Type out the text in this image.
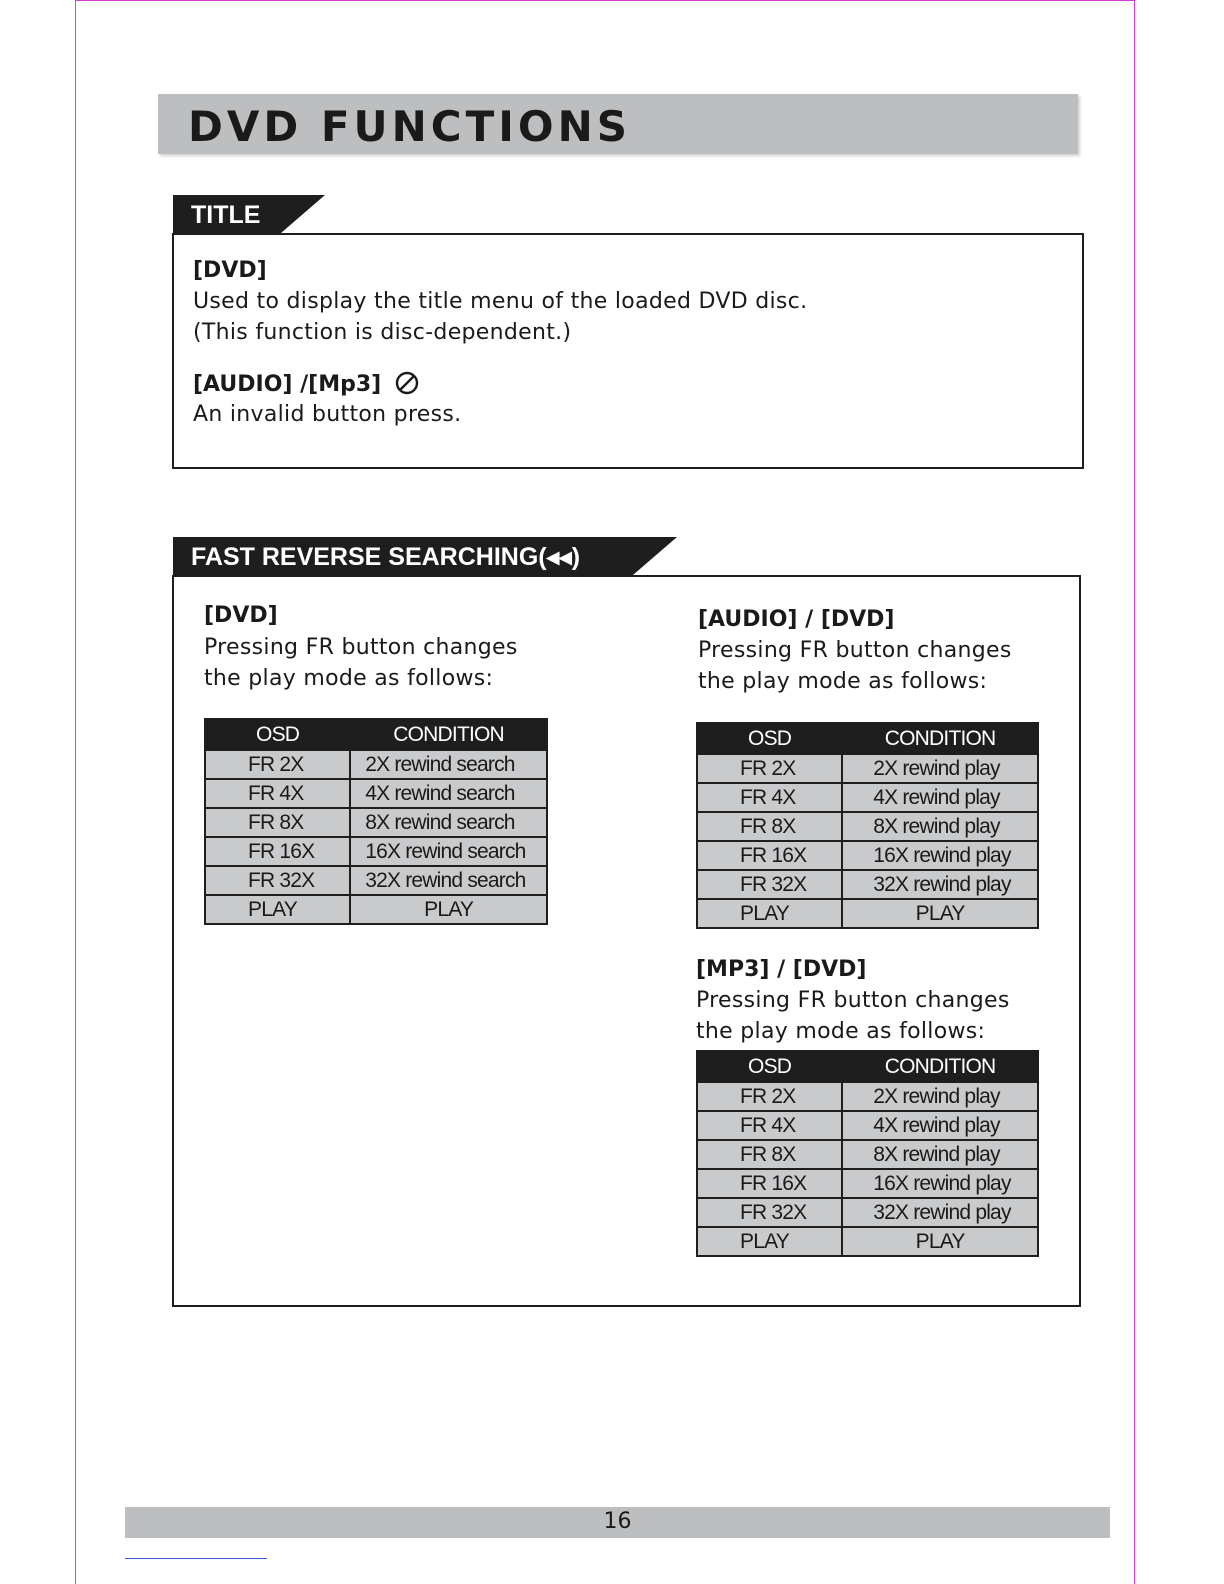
DVD FUNCTIONS
TITLE
[DVD]
Used to display the title menu of the loaded DVD disc.
(This function is disc-dependent.)
[AUDIO] /[Mp3]
An invalid button press.
FAST REVERSE SEARCHING(◂◂)
[DVD]
Pressing FR button changes
the play mode as follows:
OSD	CONDITION
FR 2X	2X rewind search
FR 4X	4X rewind search
FR 8X	8X rewind search
FR 16X	16X rewind search
FR 32X	32X rewind search
PLAY	PLAY
[AUDIO] / [DVD]
Pressing FR button changes
the play mode as follows:
OSD	CONDITION
FR 2X	2X rewind play
FR 4X	4X rewind play
FR 8X	8X rewind play
FR 16X	16X rewind play
FR 32X	32X rewind play
PLAY	PLAY
[MP3] / [DVD]
Pressing FR button changes
the play mode as follows:
OSD	CONDITION
FR 2X	2X rewind play
FR 4X	4X rewind play
FR 8X	8X rewind play
FR 16X	16X rewind play
FR 32X	32X rewind play
PLAY	PLAY
16
